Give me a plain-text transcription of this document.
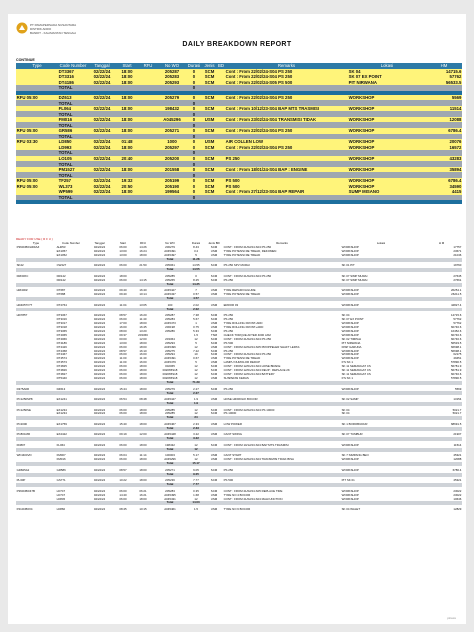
PT PAMAPERSADA NUSANTARA
DISTRIK ADRO
BANDIT - KALIMANTAN TENGAH
DAILY BREAKDOWN REPORT
CONTINUE
Type	Code Number	Tanggal	Start	RFU	No WO	Durasi	Jenis	BD	Remarks	Lokasi	HM
	DT3367	02/22/24	18:00		205287	0	SCM		Cont : From 22/02/24-S04 PS 250	SK 04	14715.6
	DT3316	02/22/24	18:00		205283	0	SCM		Cont : From 22/02/24-S04 PS 250	SK 07 EX POINT	57762
	DT4186	02/22/24	18:00		205293	0	SCM		Cont : From 22/02/24-S05 PS 500	PIT NIRWANA	56533.5
	TOTAL					0					

RFU 05:00	DZ613	02/22/24	18:00		205279	0	SCM		Cont : From 22/02/24-S04 PS 250	WORKSHOP	5569
	TOTAL					0					
	FL064	02/22/24	18:00		198432	0	SCM		Cont : From 10/12/23-S04 BAP MTS TRASMISI	WORKSHOP	11514
	TOTAL					0					
	FM016	02/22/24	18:00		A045296	0	USM		Cont : From 23/02/24-S04 TRANSMISI TIDAK	WORKSHOP	12088
	TOTAL					0					
RFU 05:00	GR586	02/22/24	18:00		205271	0	SCM		Cont : From 22/02/24-S04 PS 250	WORKSHOP	6786.4
	TOTAL					0					
RFU 03:30	LD850	02/22/24	01:48		1000	0	USM		AIR COLLEN LOW	WORKSHOP	20076
	LD993	02/22/24	18:00		205297	0	SCM		Cont : From 22/02/24-S04 PS 250	WORKSHOP	16572
	TOTAL					0					
	LO105	02/22/24	20:40		205200	0	SCM		PS 250	WORKSHOP	43283
	TOTAL					0					
	PM1527	02/22/24	18:00		201558	0	SCM		Cont : From 18/01/24-S04 BAP : ENGINE	WORKSHOP	35894
	TOTAL					0					
RFU 05:00	TF257	02/22/24	19:32		205199	0	SCM		PS 500	WORKSHOP	6786.4
RFU 05:00	WL373	02/22/24	20:50		205190	0	SCM		PS 500	WORKSHOP	34590
	WP599	02/22/24	18:00		199564	0	SCM		Cont : From 27/12/23-S04 BAP REPAIR	SUMP MISANO	4415
	TOTAL					0					

READY FOR USE ( R F U )
Type	Code Number	Tanggal	Start	RFU	No WO	Durasi	Jenis BD	Remarks	Lokasi	H M
P360CB6/HDFAZ	AH053	02/22/24	06:00	14:26	206279	8.43	SCM	CONT : FROM 21/02/24-S04 PS 250	WORKSHOP	17757
	EX1057	02/22/24	13:00	16:24	A045491	3.4	USM	TYRE POTENSI RE TREAD, REKOMEN	WORKSHOP	23671
	EX1052	02/22/24	13:00	18:00	A045497	5	USM	TYRE POTENSI RE TREAD	WORKSHOP	21046
					Total	11.28				

SK22	CW427	02/22/24	06:00	21:50	205061	14.55	SCM	PS 250 SPV MURAI	SK 01 PIT	19760
					Total	14.55				

DM30XC	DR142	02/22/24	18:00		205285	0	SCM	CONT : FROM 21/02/24-S04 PS 250	SK 07 SIMP MURAI	27645
	DR142	02/22/24	06:00	14:15	205265	8.25	SCM	PS 250	SK 07 SIMP MURAI	27661
					Total	14.35				

HM400Z	DT687	02/22/24	09:40	16:40	A045427	7	USM	TYRE REPAIR FAILURE	WORKSHOP	26254.1
	DT688	02/22/24	09:40	10:14	A045437	0.57	USM	TYRE POTENSI RE TREAD	WORKSHOP	26211.5
					Total	4.57				

HD465?/7/T	DT2764	02/22/24	11:04	13:05	100	2.02	USM	ERROR 03	WORKSHOP	44827.4
					Total	2.02				

HD785?	DT3367	02/22/24	08:57	16:20	205287	7.38	SCM	PS 250	SK 04	14715.6
	DT3316	02/22/24	06:00	11:40	205283	5.67	SCM	PS 250	SK 07 EX POINT	57762
	DT3317	02/22/24	17:00	18:00	A045473	1	USM	TYRE ROLLING FRONT-ADD	WORKSHOP	57762
	DT3318	02/22/24	16:00	16:45	206198	0.75	USM	TYRE ROLLING FRONT+ADD	WORKSHOP	60746.6
	DT3365	02/22/24	08:00	13:20	205286	5.33	SCM	PS 250	WORKSHOP	16452.6
	DT4065	02/22/24	09:37	203366		1.5	TSM	CHECK TORQUE AFTER 4000 JAM	WORKSHOP	60746.6
	DT4066	02/22/24	00:00	12:00	203364	12	SCM	CONT : FROM 21/02/24-S04 PS 250	SK 02 TIMPAH	60746.6
	DT4186	02/22/24	13:00	18:00	205293	5	SCM	PS 500	PIT NIRWANA	56533.5
	DT4426	02/22/24	06:00	18:00	A045496	12	USM	CONT : FROM 22/02/24-S05 PROPPELER SHAFT LEPAS	DISP GARUDA	66698.1
	DT4458	02/22/24	08:57	16:10	205275	7.22	SCM	PS 250	WORKSHOP	56698.1
	DT4467	02/22/24	06:00	16:00	205294	10	SCM	CONT : FROM 21/02/24-S04 PS 250	WORKSHOP	62175
	DT4574	02/22/24	11:00	11:40	A045491	0.67	USM	TYRE POTENSI RE TREAD	WORKSHOP	49451
	DT4573	02/22/24	11:00	16:00	A045479	5	USM	LAMPU NUMOLOR REDUP	P.S SK 1	57890.5
	DT4825	02/22/24	06:00	18:00	002065	12	SCM	CONT : FROM 12/01/24-S04 HOSE BRAKE	SK 11 SEMANGAT CS	56781.9
	DT4826	02/22/24	06:00	18:00	002065S18	12	SCM	CONT : FROM 12/01/24-S04 REUP : REPLACE 2K	SK 11 SEMANGAT CS	56781.9
	DT4827	02/22/24	06:00	18:00	002065S18	12	SCM	CONT : FROM 12/01/24-S04 BATTERY	SK 11 SEMANGAT CS	60746.6
	DT5440	02/22/24	06:00	18:00	002065S18	12	USM	SUSPENSI KERAS	P.S SK 1	57890.5
					Total	71.39				

D375A6R	DZ613	02/22/24	15:44	18:00	205279	2.27	SCM	PS 250	WORKSHOP	5569
					Total	2.27				

PC1250SP8	EX1241	02/22/24	06:54	08:48	A045447	1.9	USM	HOSE HIDROLIK BOCOR	SK 02 SAMP	13154
					Total	1.9				

PC1250SE	EX1234	02/22/24	06:00	18:00	205285	12	SCM	CONT : FROM 22/02/24-S04 PS 10000	SK 04	5021.7
	EX1234	02/22/24	06:00	18:00	205285	12	SCM	PS 10000	SK 04	5021.7
					Total	24				

PC2000	EX1759	02/22/24	15:40	18:00	A045467	2.33	USM	LOW POWER	SK 1 BOROBUDUR	68691.5
					Total	2.33				

PC800-8R	EX2422	02/22/24	09:19	12:00	A045448	3.22	USM	CANT SWING	SK 07 TUMBUR	21907
					Total	3.22				

FD807	FL064	02/22/24	06:00	18:00	198432	12	SCM	CONT : FROM 10/12/23-S04 BAP MTS TRASMISI	WORKSHOP	11514
					Total	12				

WF4404VD	FM007	02/22/24	06:04	11:14	100003	5.17	USM	CANT START	SK 7 SIMPANG BEO	45321
	FM016	02/22/24	06:00	18:00	A045296	12	USM	CONT : FROM 22/02/24-S04 TRANSMISI TIDAK BISA	WORKSHOP	12088
					Total	15.17				

GD825A2	GR586	02/22/24	08:57	18:00	205271	9.05	SCM	PS 250	WORKSHOP	6786.4
					Total	9.05				

PL30P	GS771	02/22/24	10:22	18:00	205236	7.77	SCM	PS 500	PIT SK 01	45321
					Total	7.77				

P360CB6/47B	LD747	02/22/24	06:00	06:21	205283	0.35	SCM	CONT : FROM 21/02/24-S05 REPLACE TIRE	WORKSHOP	23022
	LD747	02/22/24	14:40	16:21	A045495	1.68	USM	TYRE NO 4 BOCOR	WORKSHOP	23022
	LD845	02/22/24	06:00	18:00	A045431	12	USM	CONT : FROM 21/02/24-S04 MALFUNCTION	WORKSHOP	10646
					Total	14.03				

P410CB6X4	LD860	02/22/24	08:45	10:15	A045461	1.5	USM	TYRE NO 6 BOCOR	SK 04 WALET	12829
pinusx
